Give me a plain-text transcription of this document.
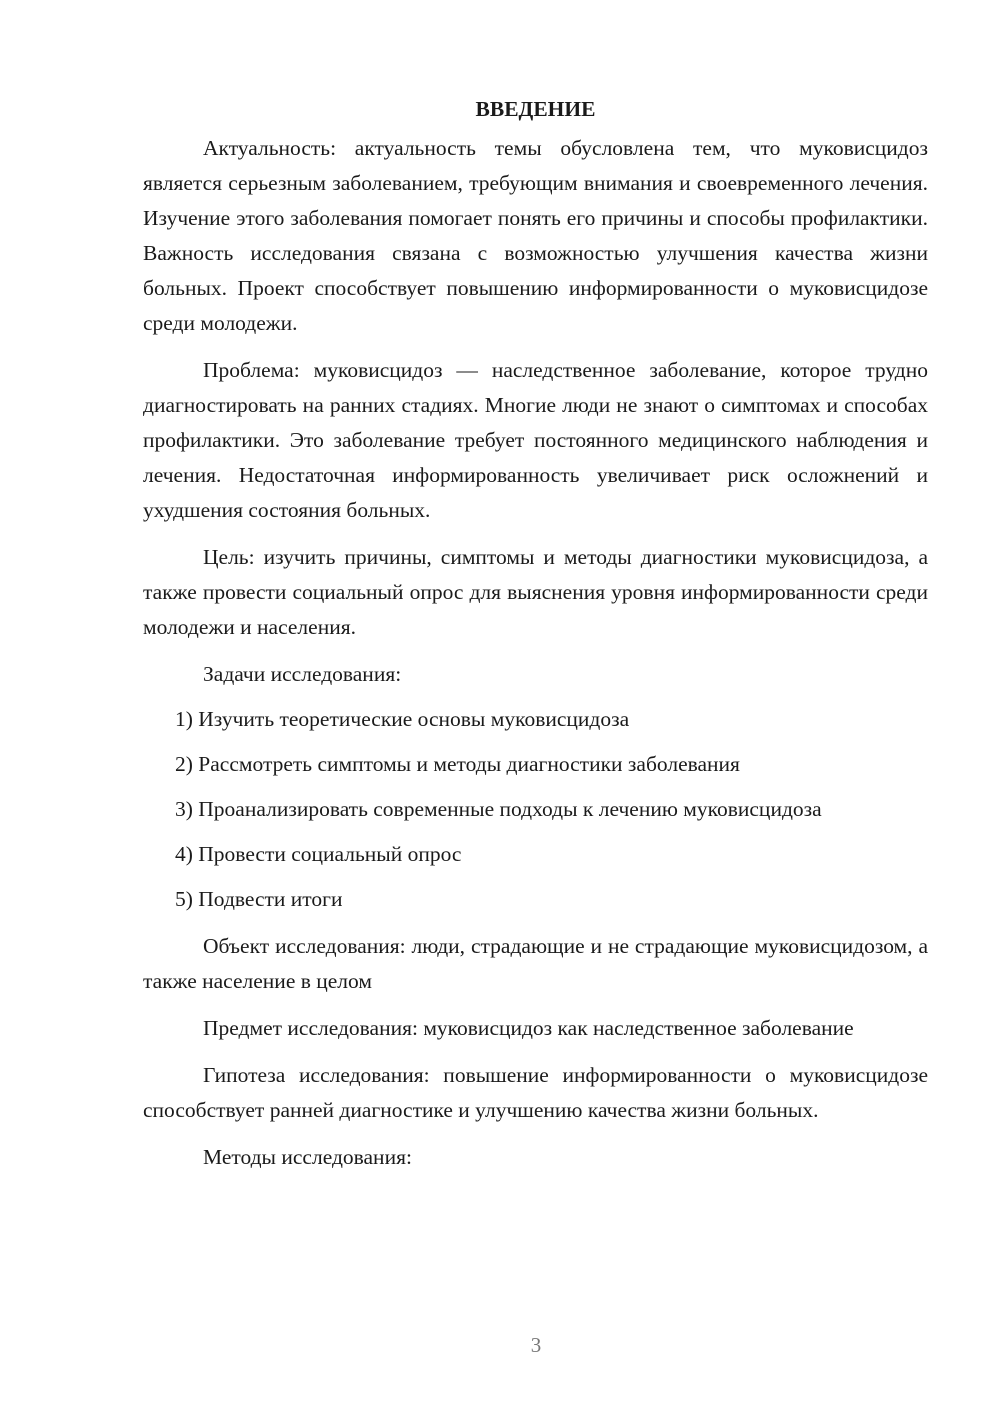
ВВЕДЕНИЕ

Актуальность: актуальность темы обусловлена тем, что муковисцидоз является серьезным заболеванием, требующим внимания и своевременного лечения. Изучение этого заболевания помогает понять его причины и способы профилактики. Важность исследования связана с возможностью улучшения качества жизни больных. Проект способствует повышению информированности о муковисцидозе среди молодежи.

Проблема: муковисцидоз — наследственное заболевание, которое трудно диагностировать на ранних стадиях. Многие люди не знают о симптомах и способах профилактики. Это заболевание требует постоянного медицинского наблюдения и лечения. Недостаточная информированность увеличивает риск осложнений и ухудшения состояния больных.

Цель: изучить причины, симптомы и методы диагностики муковисцидоза, а также провести социальный опрос для выяснения уровня информированности среди молодежи и населения.

Задачи исследования:
1) Изучить теоретические основы муковисцидоза
2) Рассмотреть симптомы и методы диагностики заболевания
3) Проанализировать современные подходы к лечению муковисцидоза
4) Провести социальный опрос
5) Подвести итоги

Объект исследования: люди, страдающие и не страдающие муковисцидозом, а также население в целом

Предмет исследования: муковисцидоз как наследственное заболевание

Гипотеза исследования: повышение информированности о муковисцидозе способствует ранней диагностике и улучшению качества жизни больных.

Методы исследования:
3
